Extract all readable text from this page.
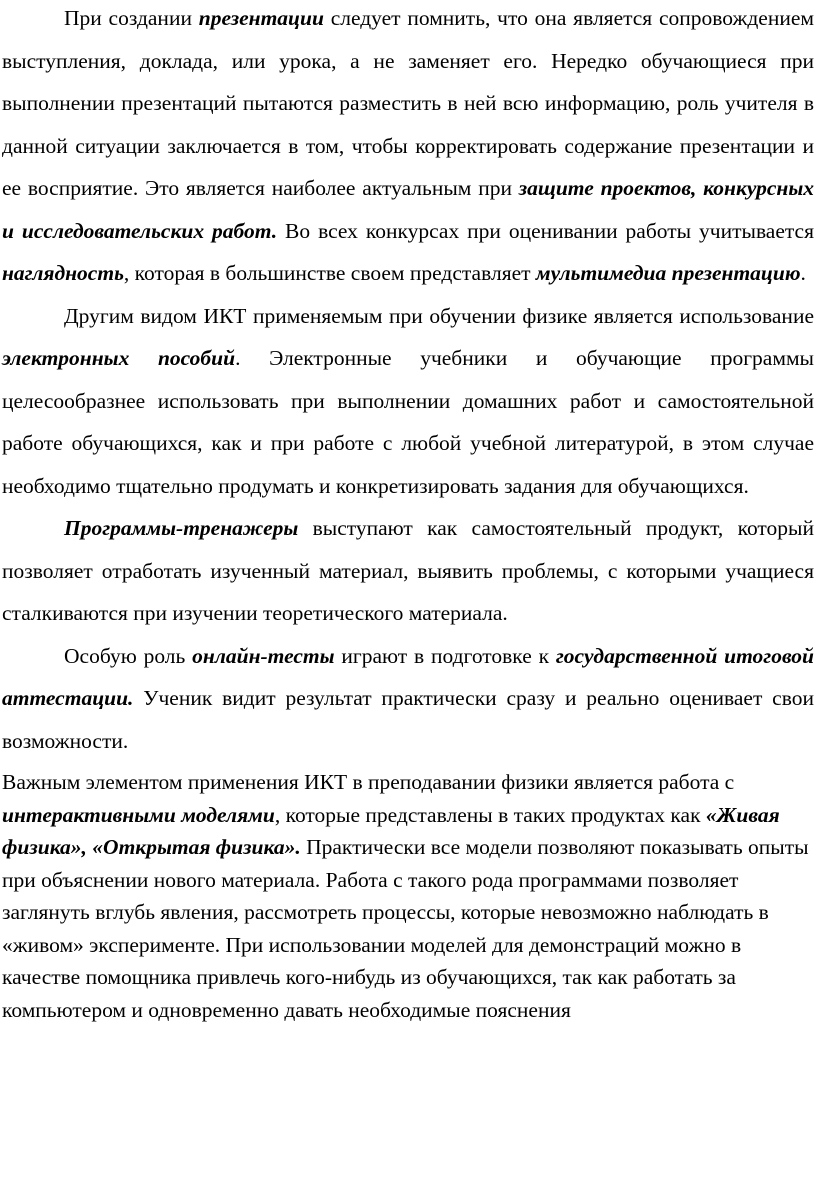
При создании презентации следует помнить, что она является сопровождением выступления, доклада, или урока, а не заменяет его. Нередко обучающиеся при выполнении презентаций пытаются разместить в ней всю информацию, роль учителя в данной ситуации заключается в том, чтобы корректировать содержание презентации и ее восприятие. Это является наиболее актуальным при защите проектов, конкурсных и исследовательских работ. Во всех конкурсах при оценивании работы учитывается наглядность, которая в большинстве своем представляет мультимедиа презентацию.

Другим видом ИКТ применяемым при обучении физике является использование электронных пособий. Электронные учебники и обучающие программы целесообразнее использовать при выполнении домашних работ и самостоятельной работе обучающихся, как и при работе с любой учебной литературой, в этом случае необходимо тщательно продумать и конкретизировать задания для обучающихся.

Программы-тренажеры выступают как самостоятельный продукт, который позволяет отработать изученный материал, выявить проблемы, с которыми учащиеся сталкиваются при изучении теоретического материала.

Особую роль онлайн-тесты играют в подготовке к государственной итоговой аттестации. Ученик видит результат практически сразу и реально оценивает свои возможности.

Важным элементом применения ИКТ в преподавании физики является работа с интерактивными моделями, которые представлены в таких продуктах как «Живая физика», «Открытая физика». Практически все модели позволяют показывать опыты при объяснении нового материала. Работа с такого рода программами позволяет заглянуть вглубь явления, рассмотреть процессы, которые невозможно наблюдать в «живом» эксперименте. При использовании моделей для демонстраций можно в качестве помощника привлечь кого-нибудь из обучающихся, так как работать за компьютером и одновременно давать необходимые пояснения
